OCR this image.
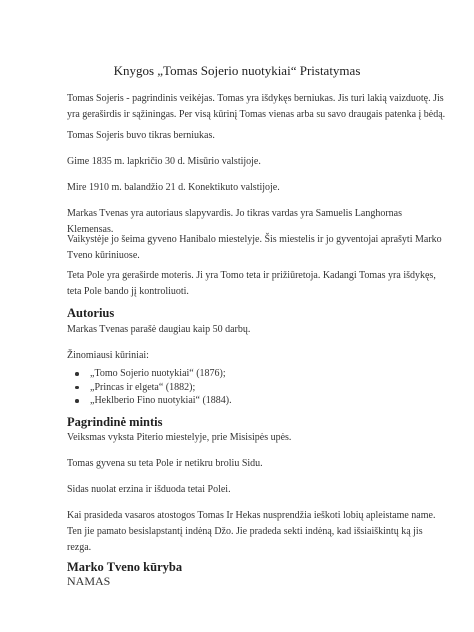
Knygos „Tomas Sojerio nuotykiai“ Pristatymas
Tomas Sojeris - pagrindinis veikėjas. Tomas yra išdykęs berniukas. Jis turi lakią vaizduotę. Jis yra geraširdis ir sąžiningas. Per visą kūrinį Tomas vienas arba su savo draugais patenka į bėdą.
Tomas Sojeris buvo tikras berniukas.
Gime 1835 m. lapkričio 30 d. Misūrio valstijoje.
Mire 1910 m. balandžio 21 d. Konektikuto valstijoje.
Markas Tvenas yra autoriaus slapyvardis. Jo tikras vardas yra Samuelis Langhornas Klemensas.
Vaikystėje jo šeima gyveno Hanibalo miestelyje. Šis miestelis ir jo gyventojai aprašyti Marko Tveno kūriniuose.
Teta Pole yra geraširde moteris. Ji yra Tomo teta ir prižiūretoja. Kadangi Tomas yra išdykęs, teta Pole bando jį kontroliuoti.
Autorius
Markas Tvenas parašė daugiau kaip 50 darbų.
Žinomiausi kūriniai:
„Tomo Sojerio nuotykiai“ (1876);
„Princas ir elgeta“ (1882);
„Heklberio Fino nuotykiai“ (1884).
Pagrindinė mintis
Veiksmas vyksta Piterio miestelyje, prie Misisipės upės.
Tomas gyvena su teta Pole ir netikru broliu Sidu.
Sidas nuolat erzina ir išduoda tetai Polei.
Kai prasideda vasaros atostogos Tomas Ir Hekas nusprendžia ieškoti lobių apleistame name. Ten jie pamato besislapstantį indėną Džo. Jie pradeda sekti indėną, kad išsiaiškintų ką jis rezga.
Marko Tveno kūryba
NAMAS
